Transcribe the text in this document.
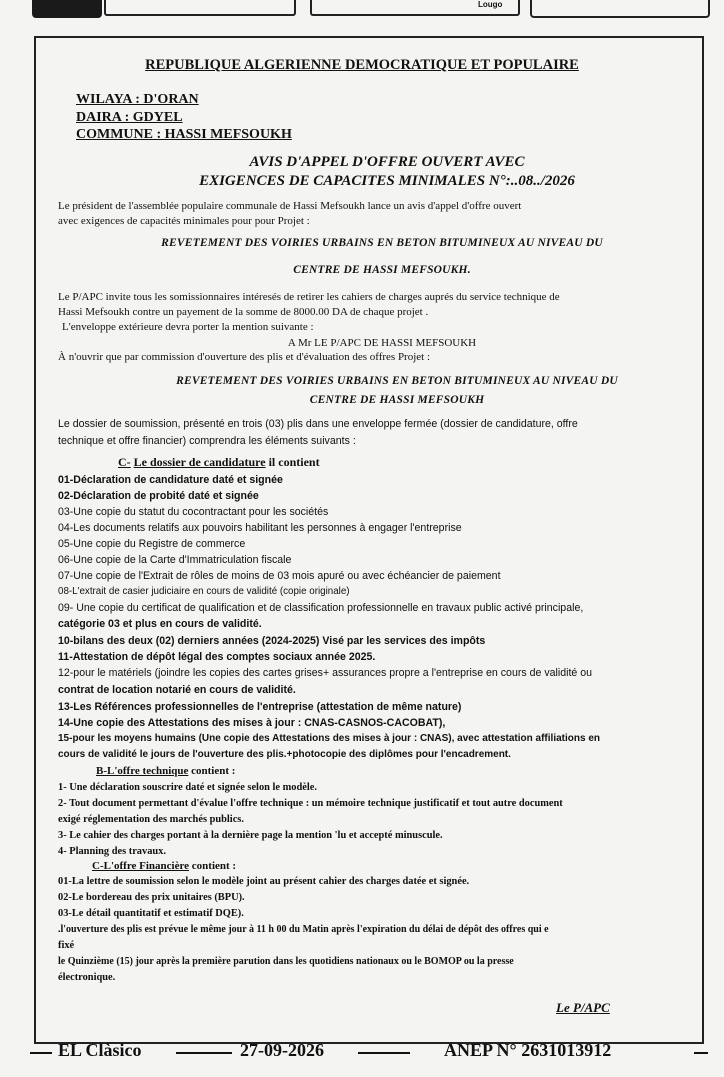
Lougo
REPUBLIQUE ALGERIENNE DEMOCRATIQUE ET POPULAIRE
WILAYA : D'ORAN
DAIRA : GDYEL
COMMUNE : HASSI MEFSOUKH
AVIS D'APPEL D'OFFRE OUVERT AVEC
EXIGENCES DE CAPACITES MINIMALES N°:..08../2026
Le président de l'assemblée populaire communale de Hassi Mefsoukh lance un avis d'appel d'offre ouvert
avec exigences de capacités minimales pour pour Projet :
REVETEMENT DES VOIRIES URBAINS EN BETON BITUMINEUX AU NIVEAU DU
CENTRE DE HASSI MEFSOUKH.
Le P/APC invite tous les somissionnaires intéresés de retirer les cahiers de charges auprés du service technique de
Hassi Mefsoukh contre un payement de la somme de 8000.00 DA de chaque projet .
L'enveloppe extérieure devra porter la mention suivante :
A Mr LE P/APC DE HASSI MEFSOUKH
À n'ouvrir que par commission d'ouverture des plis et d'évaluation des offres Projet :
REVETEMENT DES VOIRIES URBAINS EN BETON BITUMINEUX AU NIVEAU DU
CENTRE DE HASSI MEFSOUKH
Le dossier de soumission, présenté en trois (03) plis dans une enveloppe fermée (dossier de candidature, offre
technique et offre financier) comprendra les éléments suivants :
C- Le dossier de candidature il contient
01-Déclaration de candidature daté et signée
02-Déclaration de probité daté et signée
03-Une copie du statut du cocontractant pour les sociétés
04-Les documents relatifs aux pouvoirs habilitant les personnes à engager l'entreprise
05-Une copie du Registre de commerce
06-Une copie de la Carte d'Immatriculation fiscale
07-Une copie de l'Extrait de rôles de moins de 03 mois apuré ou avec échéancier de paiement
08-L'extrait de casier judiciaire en cours de validité (copie originale)
09- Une copie du certificat de qualification et de classification professionnelle en travaux public activé principale,
catégorie 03 et plus en cours de validité.
10-bilans des deux (02) derniers années (2024-2025) Visé par les services des impôts
11-Attestation de dépôt légal des comptes sociaux année 2025.
12-pour le matériels (joindre les copies des cartes grises+ assurances propre a l'entreprise en cours de validité ou
contrat de location notarié en cours de validité.
13-Les Références professionnelles de l'entreprise (attestation de même nature)
14-Une copie des Attestations des mises à jour : CNAS-CASNOS-CACOBAT),
15-pour les moyens humains (Une copie des Attestations des mises à jour : CNAS), avec attestation affiliations en
cours de validité le jours de l'ouverture des plis.+photocopie des diplômes pour l'encadrement.
B-L'offre technique contient :
1- Une déclaration souscrire daté et signée selon le modèle.
2- Tout document permettant d'évalue l'offre technique : un mémoire technique justificatif et tout autre document
exigé réglementation des marchés publics.
3- Le cahier des charges portant à la dernière page la mention 'lu et accepté minuscule.
4- Planning des travaux.
C-L'offre Financière contient :
01-La lettre de soumission selon le modèle joint au présent cahier des charges datée et signée.
02-Le bordereau des prix unitaires (BPU).
03-Le détail quantitatif et estimatif DQE).
.l'ouverture des plis est prévue le même jour à 11 h 00 du Matin après l'expiration du délai de dépôt des offres qui e
fixé
le Quinzième (15) jour après la première parution dans les quotidiens nationaux ou le BOMOP ou la presse
électronique.
Le P/APC
EL Clàsico	27-09-2026	ANEP N° 2631013912
